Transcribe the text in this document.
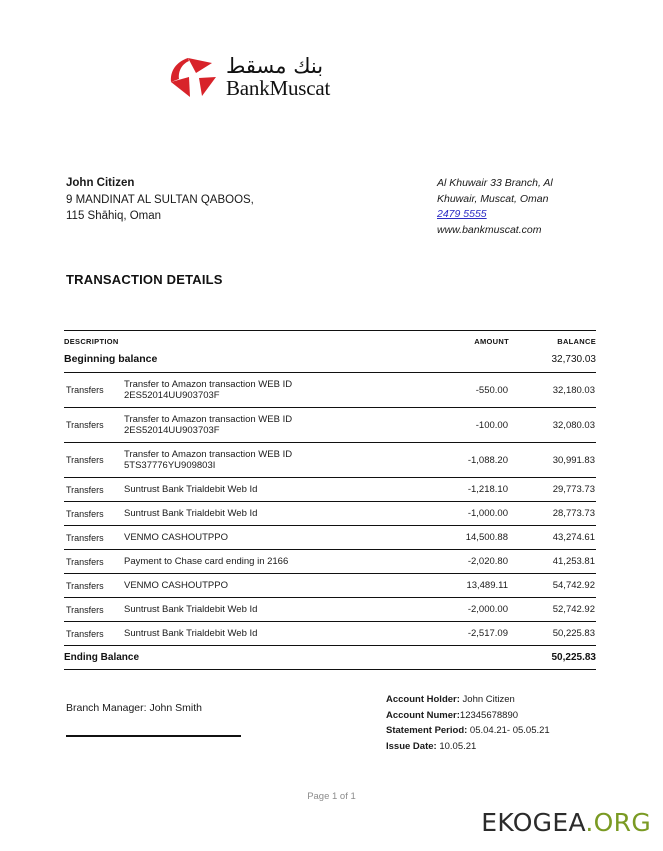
بنك مسقط
BankMuscat
John Citizen
9 MANDINAT AL SULTAN QABOOS,
115 Shāhiq, Oman
Al Khuwair 33 Branch, Al
Khuwair, Muscat, Oman
2479 5555
www.bankmuscat.com
TRANSACTION DETAILS
DESCRIPTION		AMOUNT	BALANCE
Beginning balance			32,730.03
Transfers	Transfer to Amazon transaction WEB ID
2ES52014UU903703F	-550.00	32,180.03
Transfers	Transfer to Amazon transaction WEB ID
2ES52014UU903703F	-100.00	32,080.03
Transfers	Transfer to Amazon transaction WEB ID
5TS37776YU909803I	-1,088.20	30,991.83
Transfers	Suntrust Bank Trialdebit Web Id	-1,218.10	29,773.73
Transfers	Suntrust Bank Trialdebit Web Id	-1,000.00	28,773.73
Transfers	VENMO CASHOUTPPO	14,500.88	43,274.61
Transfers	Payment to Chase card ending in 2166	-2,020.80	41,253.81
Transfers	VENMO CASHOUTPPO	13,489.11	54,742.92
Transfers	Suntrust Bank Trialdebit Web Id	-2,000.00	52,742.92
Transfers	Suntrust Bank Trialdebit Web Id	-2,517.09	50,225.83
Ending Balance			50,225.83
Branch Manager: John Smith
Account Holder: John Citizen
Account Numer:12345678890
Statement Period: 05.04.21- 05.05.21
Issue Date: 10.05.21
Page 1 of 1
EKOGEA.ORG
